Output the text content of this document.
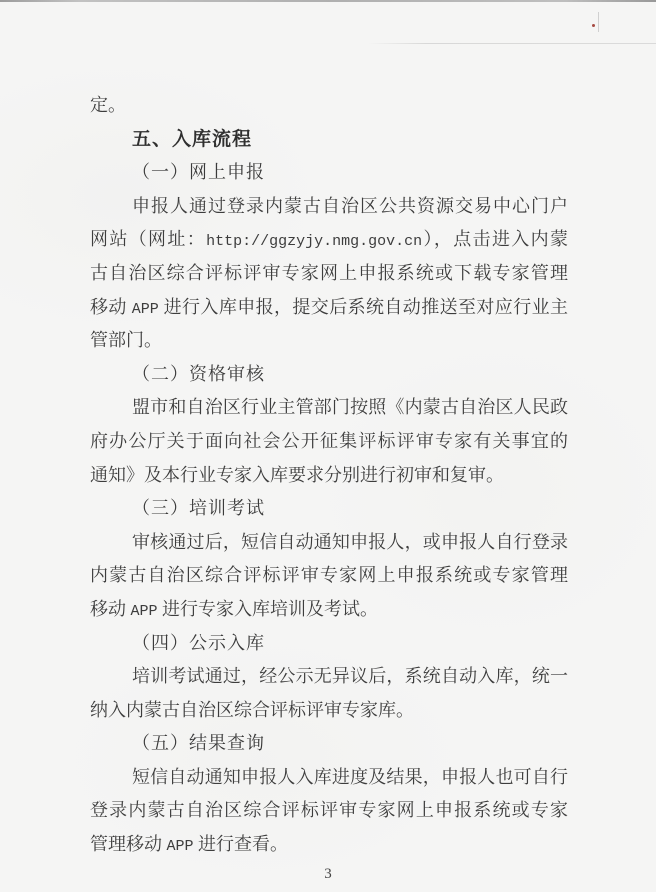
定。
五、入库流程
（一）网上申报
申报人通过登录内蒙古自治区公共资源交易中心门户
网站（网址：http://ggzyjy.nmg.gov.cn），点击进入内蒙
古自治区综合评标评审专家网上申报系统或下载专家管理
移动 APP 进行入库申报，提交后系统自动推送至对应行业主
管部门。
（二）资格审核
盟市和自治区行业主管部门按照《内蒙古自治区人民政
府办公厅关于面向社会公开征集评标评审专家有关事宜的
通知》及本行业专家入库要求分别进行初审和复审。
（三）培训考试
审核通过后，短信自动通知申报人，或申报人自行登录
内蒙古自治区综合评标评审专家网上申报系统或专家管理
移动 APP 进行专家入库培训及考试。
（四）公示入库
培训考试通过，经公示无异议后，系统自动入库，统一
纳入内蒙古自治区综合评标评审专家库。
（五）结果查询
短信自动通知申报人入库进度及结果，申报人也可自行
登录内蒙古自治区综合评标评审专家网上申报系统或专家
管理移动 APP 进行查看。
3
